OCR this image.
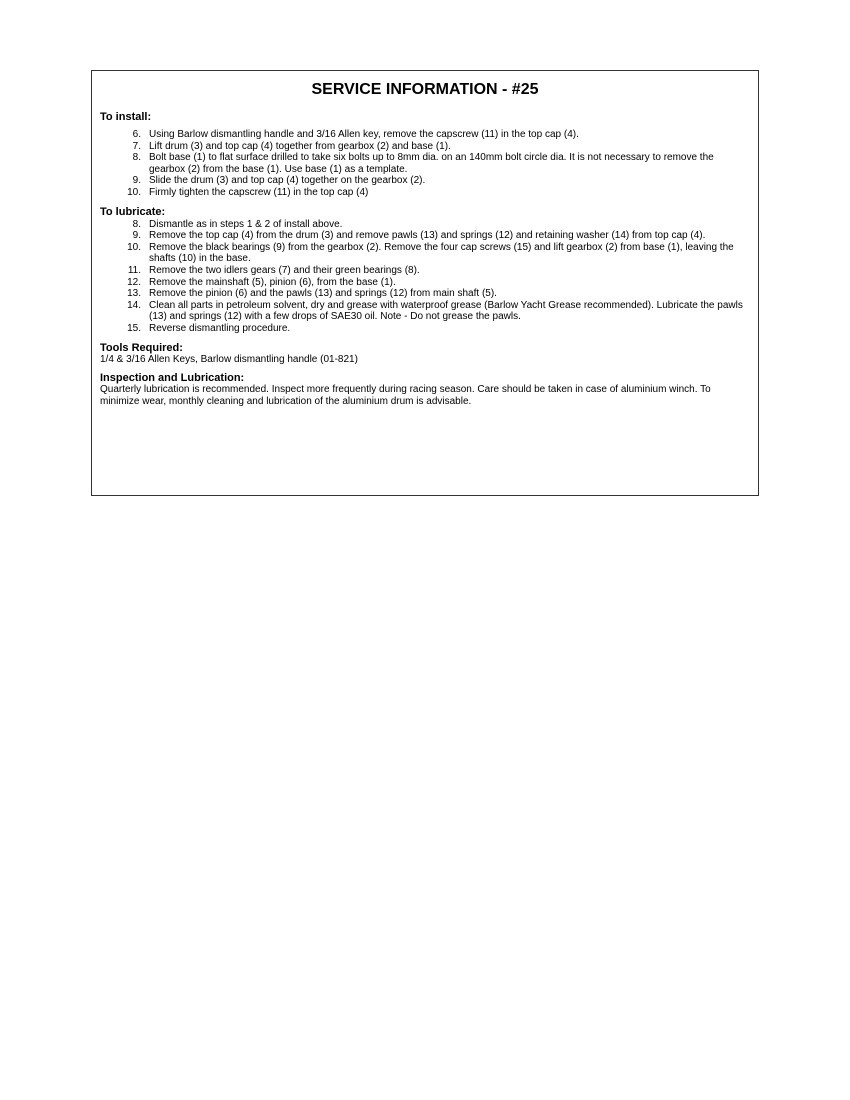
SERVICE INFORMATION - #25
To install:
6. Using Barlow dismantling handle and 3/16 Allen key, remove the capscrew (11) in the top cap (4).
7. Lift drum (3) and top cap (4) together from gearbox (2) and base (1).
8. Bolt base (1) to flat surface drilled to take six bolts up to 8mm dia. on an 140mm bolt circle dia. It is not necessary to remove the gearbox (2) from the base (1). Use base (1) as a template.
9. Slide the drum (3) and top cap (4) together on the gearbox (2).
10. Firmly tighten the capscrew (11) in the top cap (4)
To lubricate:
8. Dismantle as in steps 1 & 2 of install above.
9. Remove the top cap (4) from the drum (3) and remove pawls (13) and springs (12) and retaining washer (14) from top cap (4).
10. Remove the black bearings (9) from the gearbox (2). Remove the four cap screws (15) and lift gearbox (2) from base (1), leaving the shafts (10) in the base.
11. Remove the two idlers gears (7) and their green bearings (8).
12. Remove the mainshaft (5), pinion (6), from the base (1).
13. Remove the pinion (6) and the pawls (13) and springs (12) from main shaft (5).
14. Clean all parts in petroleum solvent, dry and grease with waterproof grease (Barlow Yacht Grease recommended). Lubricate the pawls (13) and springs (12) with a few drops of SAE30 oil. Note - Do not grease the pawls.
15. Reverse dismantling procedure.
Tools Required:
1/4 & 3/16 Allen Keys, Barlow dismantling handle (01-821)
Inspection and Lubrication:
Quarterly lubrication is recommended. Inspect more frequently during racing season. Care should be taken in case of aluminium winch. To minimize wear, monthly cleaning and lubrication of the aluminium drum is advisable.
